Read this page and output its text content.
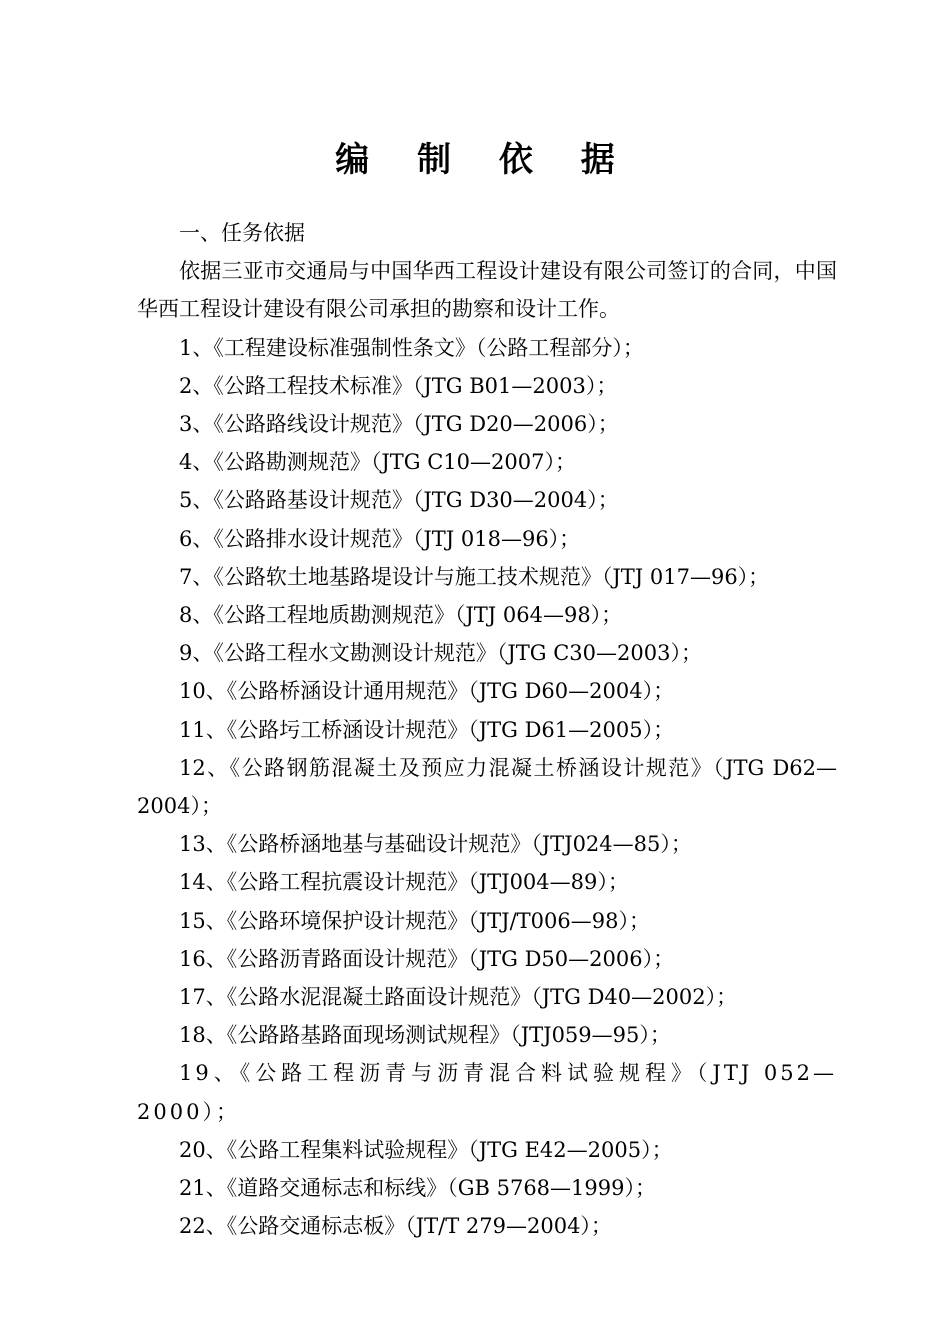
编 制 依 据

一、任务依据

依据三亚市交通局与中国华西工程设计建设有限公司签订的合同，中国华西工程设计建设有限公司承担的勘察和设计工作。

1、《工程建设标准强制性条文》（公路工程部分）；

2、《公路工程技术标准》（JTG B01—2003）；

3、《公路路线设计规范》（JTG D20—2006）；

4、《公路勘测规范》（JTG C10—2007）；

5、《公路路基设计规范》（JTG D30—2004）；

6、《公路排水设计规范》（JTJ 018—96）；

7、《公路软土地基路堤设计与施工技术规范》（JTJ 017—96）；

8、《公路工程地质勘测规范》（JTJ 064—98）；

9、《公路工程水文勘测设计规范》（JTG C30—2003）；

10、《公路桥涵设计通用规范》（JTG D60—2004）；

11、《公路圬工桥涵设计规范》（JTG D61—2005）；

12、《公路钢筋混凝土及预应力混凝土桥涵设计规范》（JTG D62—2004）；

13、《公路桥涵地基与基础设计规范》（JTJ024—85）；

14、《公路工程抗震设计规范》（JTJ004—89）；

15、《公路环境保护设计规范》（JTJ/T006—98）；

16、《公路沥青路面设计规范》（JTG D50—2006）；

17、《公路水泥混凝土路面设计规范》（JTG D40—2002）；

18、《公路路基路面现场测试规程》（JTJ059—95）；

19、《公路工程沥青与沥青混合料试验规程》（JTJ 052—2000）；

20、《公路工程集料试验规程》（JTG E42—2005）；

21、《道路交通标志和标线》（GB 5768—1999）；

22、《公路交通标志板》（JT/T 279—2004）；
